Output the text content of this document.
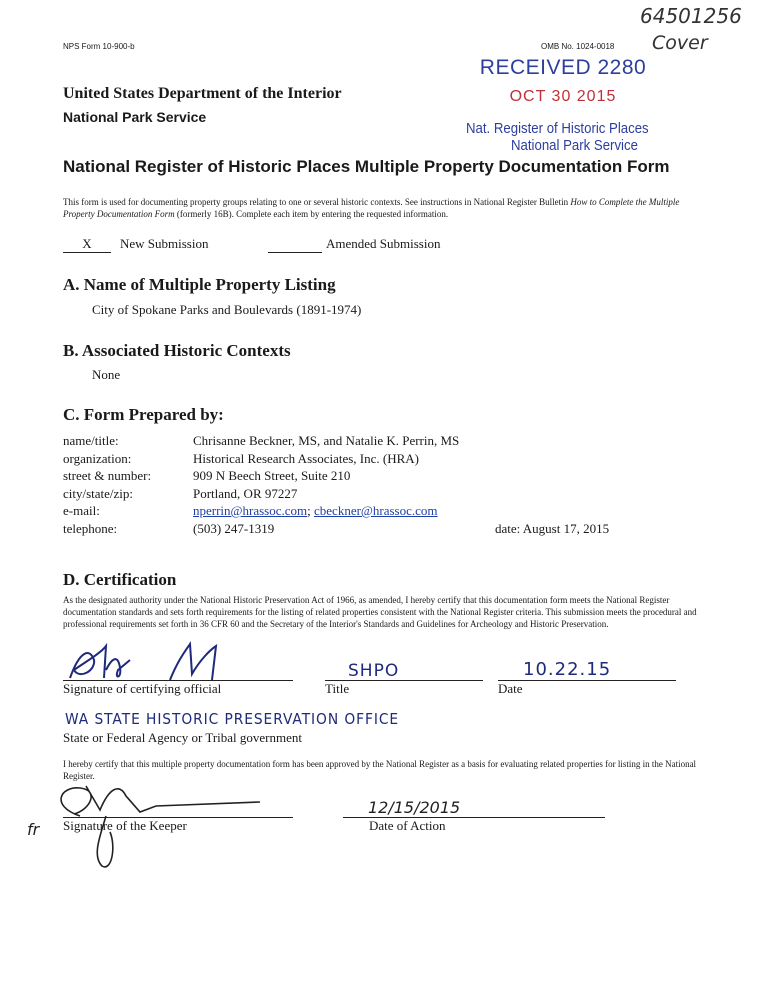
NPS Form 10-900-b	OMB No. 1024-0018
64501256
Cover
United States Department of the Interior
National Park Service
RECEIVED 2280
OCT 30 2015
Nat. Register of Historic Places
National Park Service
National Register of Historic Places Multiple Property Documentation Form
This form is used for documenting property groups relating to one or several historic contexts. See instructions in National Register Bulletin How to Complete the Multiple Property Documentation Form (formerly 16B). Complete each item by entering the requested information.
X	New Submission	Amended Submission
A. Name of Multiple Property Listing
City of Spokane Parks and Boulevards (1891-1974)
B. Associated Historic Contexts
None
C. Form Prepared by:
name/title:	Chrisanne Beckner, MS, and Natalie K. Perrin, MS
organization:	Historical Research Associates, Inc. (HRA)
street & number:	909 N Beech Street, Suite 210
city/state/zip:	Portland, OR 97227
e-mail:	nperrin@hrassoc.com; cbeckner@hrassoc.com
telephone:	(503) 247-1319	date: August 17, 2015
D. Certification
As the designated authority under the National Historic Preservation Act of 1966, as amended, I hereby certify that this documentation form meets the National Register documentation standards and sets forth requirements for the listing of related properties consistent with the National Register criteria. This submission meets the procedural and professional requirements set forth in 36 CFR 60 and the Secretary of the Interior's Standards and Guidelines for Archeology and Historic Preservation.
Signature of certifying official
SHPO
Title
10.22.15
Date
WA STATE HISTORIC PRESERVATION OFFICE
State or Federal Agency or Tribal government
I hereby certify that this multiple property documentation form has been approved by the National Register as a basis for evaluating related properties for listing in the National Register.
fr Signature of the Keeper
12/15/2015
Date of Action
